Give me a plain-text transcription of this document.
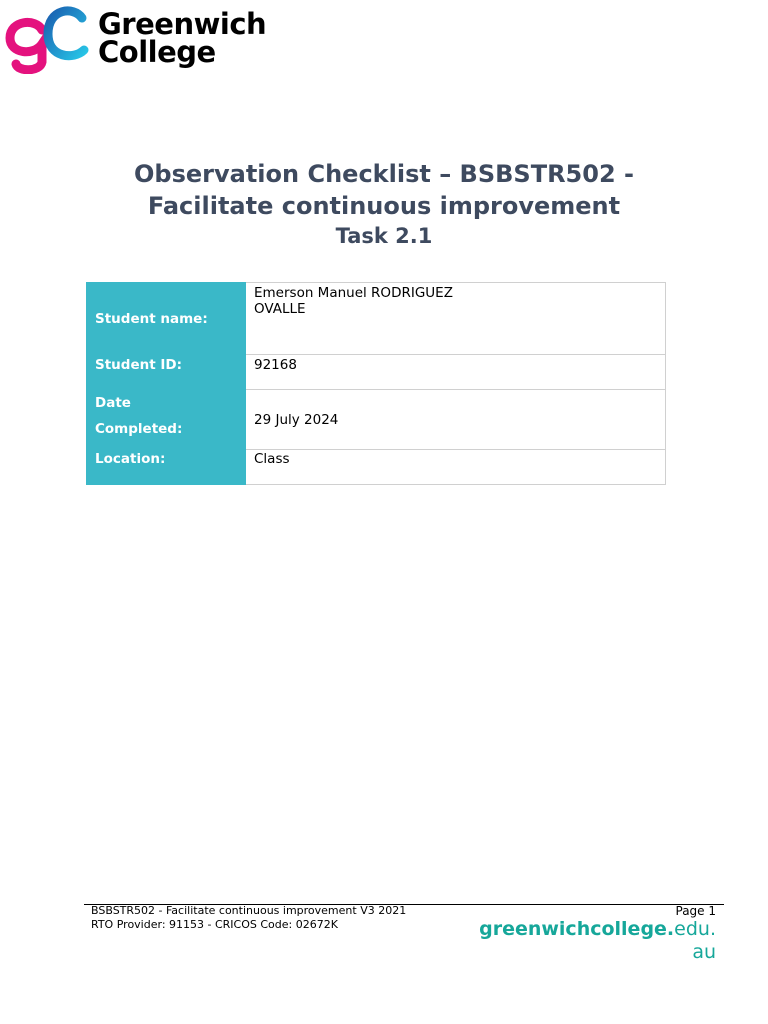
Greenwich
College
Observation Checklist – BSBSTR502 -
Facilitate continuous improvement
Task 2.1
Student name:	Emerson Manuel RODRIGUEZ
OVALLE

Student ID:	92168

Date
Completed:	29 July 2024
Location:	Class
BSBSTR502 - Facilitate continuous improvement V3 2021
RTO Provider: 91153 - CRICOS Code: 02672K
Page 1
greenwichcollege.edu.
au
